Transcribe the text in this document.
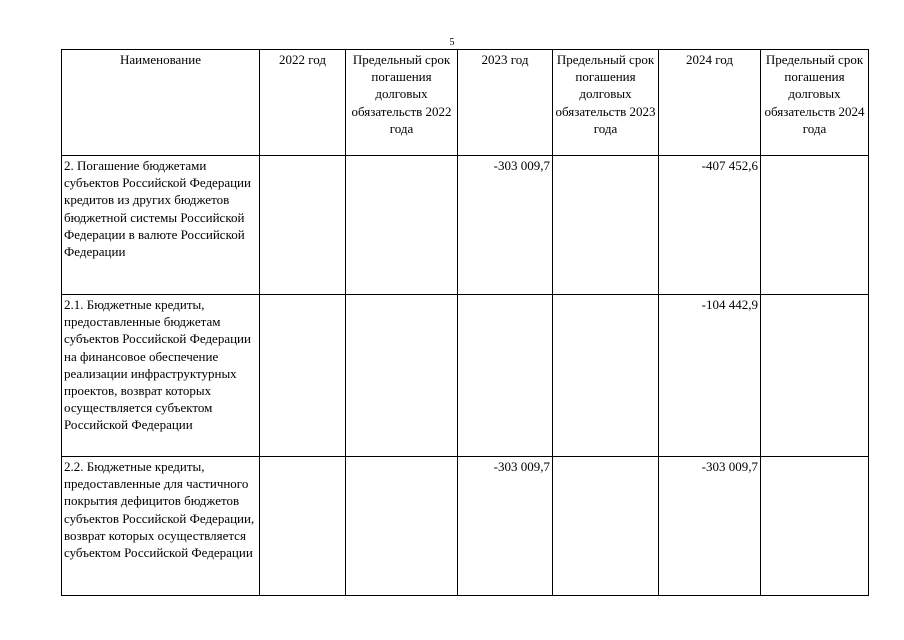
5
Наименование	2022 год	Предельный срок погашения долговых обязательств 2022 года	2023 год	Предельный срок погашения долговых обязательств 2023 года	2024 год	Предельный срок погашения долговых обязательств 2024 года
2. Погашение бюджетами субъектов Российской Федерации кредитов из других бюджетов бюджетной системы Российской Федерации в валюте Российской Федерации			-303 009,7		-407 452,6	
2.1. Бюджетные кредиты, предоставленные бюджетам субъектов Российской Федерации на финансовое обеспечение реализации инфраструктурных проектов, возврат которых осуществляется субъектом Российской Федерации					-104 442,9	
2.2. Бюджетные кредиты, предоставленные для частичного покрытия дефицитов бюджетов субъектов Российской Федерации, возврат которых осуществляется субъектом Российской Федерации			-303 009,7		-303 009,7	
